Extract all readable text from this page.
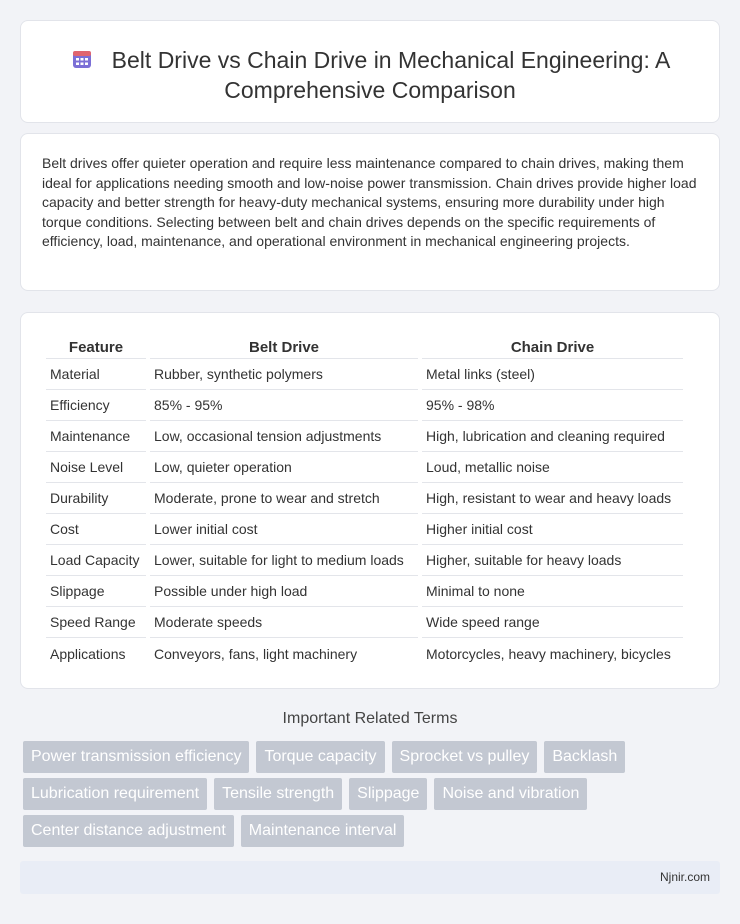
Belt Drive vs Chain Drive in Mechanical Engineering: A
Comprehensive Comparison

Belt drives offer quieter operation and require less maintenance compared to chain drives, making them ideal for applications needing smooth and low-noise power transmission. Chain drives provide higher load capacity and better strength for heavy-duty mechanical systems, ensuring more durability under high torque conditions. Selecting between belt and chain drives depends on the specific requirements of efficiency, load, maintenance, and operational environment in mechanical engineering projects.

Feature	Belt Drive	Chain Drive
Material	Rubber, synthetic polymers	Metal links (steel)
Efficiency	85% - 95%	95% - 98%
Maintenance	Low, occasional tension adjustments	High, lubrication and cleaning required
Noise Level	Low, quieter operation	Loud, metallic noise
Durability	Moderate, prone to wear and stretch	High, resistant to wear and heavy loads
Cost	Lower initial cost	Higher initial cost
Load Capacity	Lower, suitable for light to medium loads	Higher, suitable for heavy loads
Slippage	Possible under high load	Minimal to none
Speed Range	Moderate speeds	Wide speed range
Applications	Conveyors, fans, light machinery	Motorcycles, heavy machinery, bicycles
Important Related Terms
Power transmission efficiency	Torque capacity	Sprocket vs pulley	Backlash
Lubrication requirement	Tensile strength	Slippage	Noise and vibration
Center distance adjustment	Maintenance interval
Njnir.com
